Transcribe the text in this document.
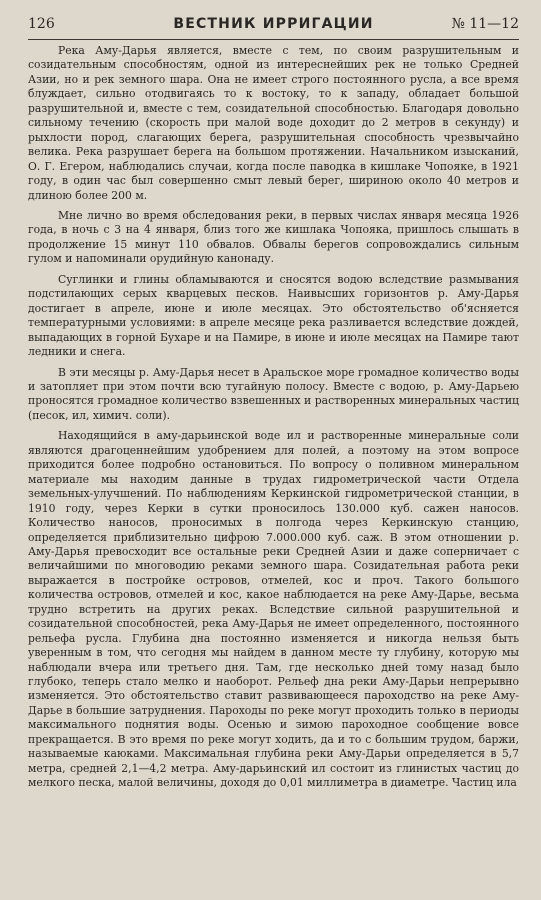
126	ВЕСТНИК ИРРИГАЦИИ	№ 11—12

Река Аму-Дарья является, вместе с тем, по своим разрушительным и созидательным способностям, одной из интереснейших рек не только Средней Азии, но и рек земного шара. Она не имеет строго постоянного русла, а все время блуждает, сильно отодвигаясь то к востоку, то к западу, обладает большой разрушительной и, вместе с тем, созидательной способностью. Благодаря довольно сильному течению (скорость при малой воде доходит до 2 метров в секунду) и рыхлости пород, слагающих берега, разрушительная способность чрезвычайно велика. Река разрушает берега на большом протяжении. Начальником изысканий, О. Г. Егером, наблюдались случаи, когда после паводка в кишлаке Чопояке, в 1921 году, в один час был совершенно смыт левый берег, шириною около 40 метров и длиною более 200 м.

Мне лично во время обследования реки, в первых числах января месяца 1926 года, в ночь с 3 на 4 января, близ того же кишлака Чопояка, пришлось слышать в продолжение 15 минут 110 обвалов. Обвалы берегов сопровождались сильным гулом и напоминали орудийную канонаду.

Суглинки и глины обламываются и сносятся водою вследствие размывания подстилающих серых кварцевых песков. Наивысших горизонтов р. Аму-Дарья достигает в апреле, июне и июле месяцах. Это обстоятельство об'ясняется температурными условиями: в апреле месяце река разливается вследствие дождей, выпадающих в горной Бухаре и на Памире, в июне и июле месяцах на Памире тают ледники и снега.

В эти месяцы р. Аму-Дарья несет в Аральское море громадное количество воды и затопляет при этом почти всю тугайную полосу. Вместе с водою, р. Аму-Дарьею проносятся громадное количество взвешенных и растворенных минеральных частиц (песок, ил, химич. соли).

Находящийся в аму-дарьинской воде ил и растворенные минеральные соли являются драгоценнейшим удобрением для полей, а поэтому на этом вопросе приходится более подробно остановиться. По вопросу о поливном минеральном материале мы находим данные в трудах гидрометрической части Отдела земельных-улучшений. По наблюдениям Керкинской гидрометрической станции, в 1910 году, через Керки в сутки проносилось 130.000 куб. сажен наносов. Количество наносов, проносимых в полгода через Керкинскую станцию, определяется приблизительно цифрою 7.000.000 куб. саж. В этом отношении р. Аму-Дарья превосходит все остальные реки Средней Азии и даже соперничает с величайшими по многоводию реками земного шара. Созидательная работа реки выражается в постройке островов, отмелей, кос и проч. Такого большого количества островов, отмелей и кос, какое наблюдается на реке Аму-Дарье, весьма трудно встретить на других реках. Вследствие сильной разрушительной и созидательной способностей, река Аму-Дарья не имеет определенного, постоянного рельефа русла. Глубина дна постоянно изменяется и никогда нельзя быть уверенным в том, что сегодня мы найдем в данном месте ту глубину, которую мы наблюдали вчера или третьего дня. Там, где несколько дней тому назад было глубоко, теперь стало мелко и наоборот. Рельеф дна реки Аму-Дарьи непрерывно изменяется. Это обстоятельство ставит развивающееся пароходство на реке Аму-Дарье в большие затруднения. Пароходы по реке могут проходить только в периоды максимального поднятия воды. Осенью и зимою пароходное сообщение вовсе прекращается. В это время по реке могут ходить, да и то с большим трудом, баржи, называемые каюками. Максимальная глубина реки Аму-Дарьи определяется в 5,7 метра, средней 2,1—4,2 метра. Аму-дарьинский ил состоит из глинистых частиц до мелкого песка, малой величины, доходя до 0,01 миллиметра в диаметре. Частиц ила
